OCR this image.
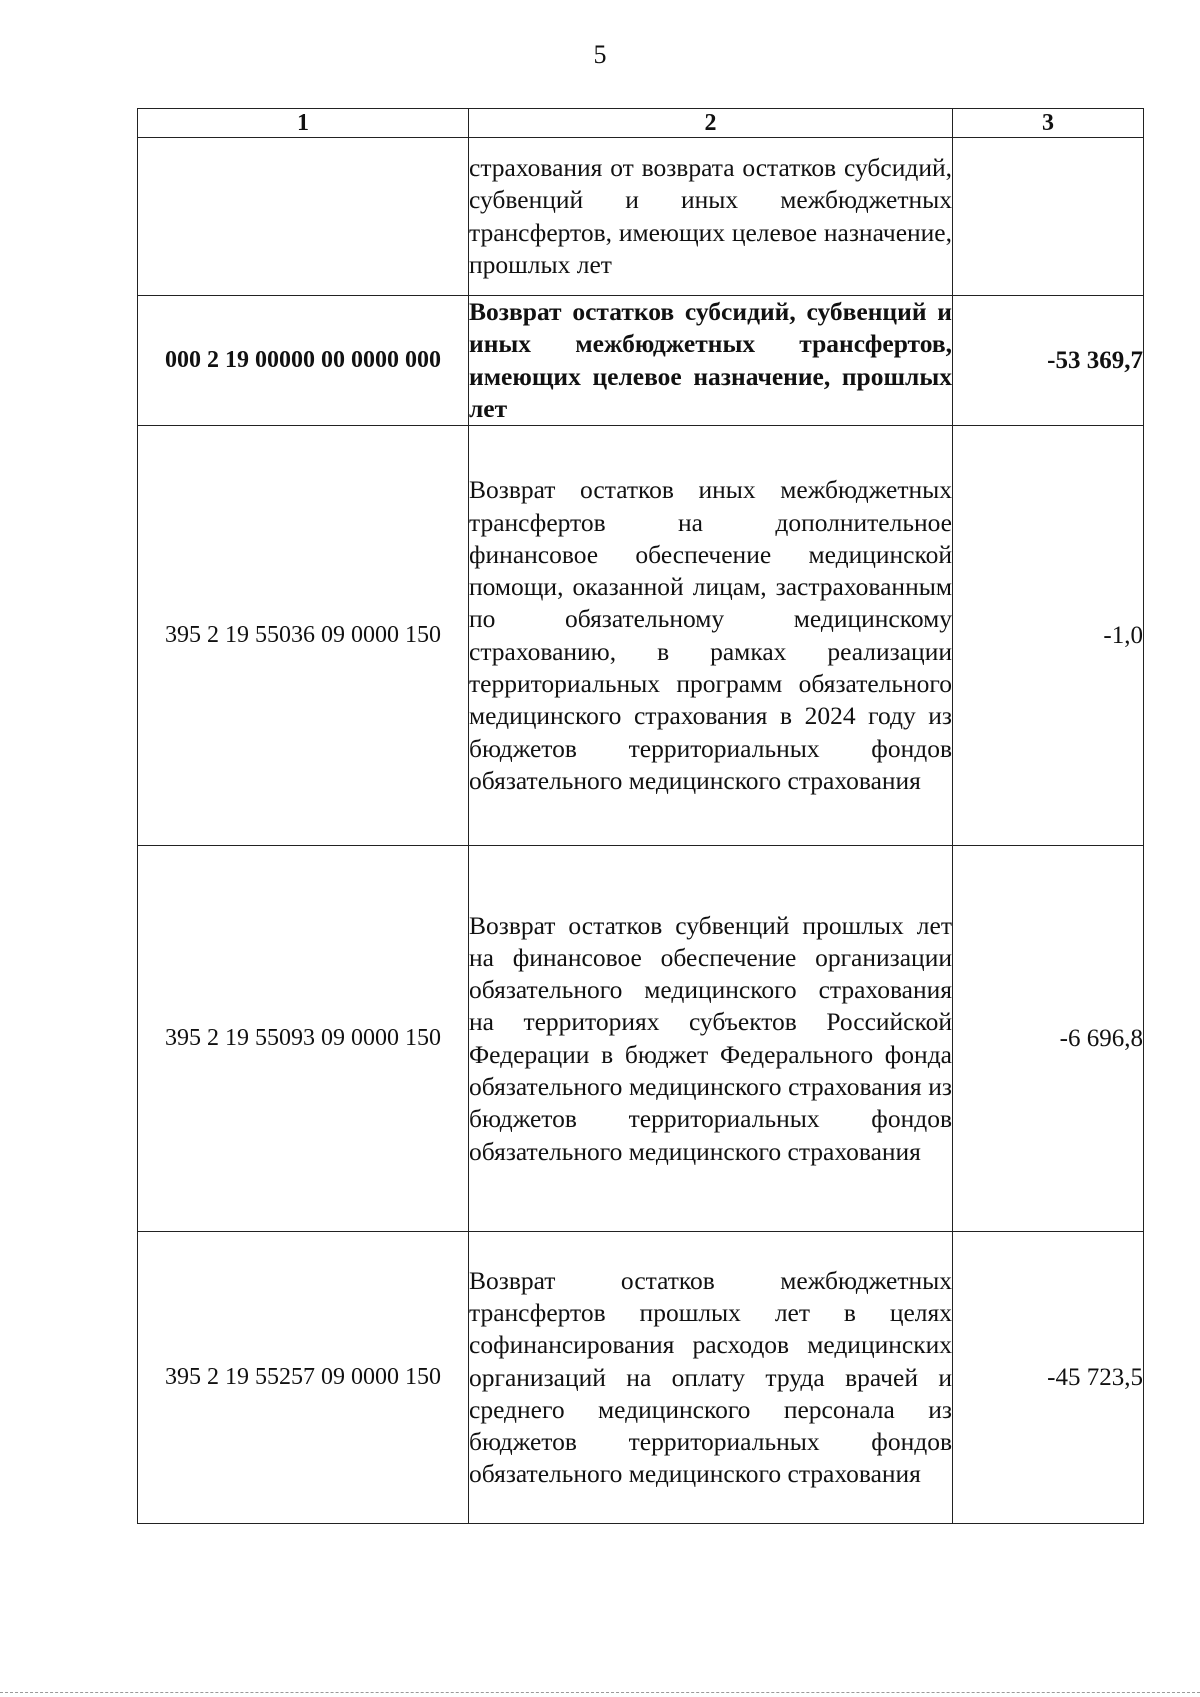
5
1	2	3
	страхования от возврата остатков субсидий, субвенций и иных межбюджетных трансфертов, имеющих целевое назначение, прошлых лет	
000 2 19 00000 00 0000 000	Возврат остатков субсидий, субвенций и иных межбюджетных трансфертов, имеющих целевое назначение, прошлых лет	-53 369,7
395 2 19 55036 09 0000 150	Возврат остатков иных межбюджетных трансфертов на дополнительное финансовое обеспечение медицинской помощи, оказанной лицам, застрахованным по обязательному медицинскому страхованию, в рамках реализации территориальных программ обязательного медицинского страхования в 2024 году из бюджетов территориальных фондов обязательного медицинского страхования	-1,0
395 2 19 55093 09 0000 150	Возврат остатков субвенций прошлых лет на финансовое обеспечение организации обязательного медицинского страхования на территориях субъектов Российской Федерации в бюджет Федерального фонда обязательного медицинского страхования из бюджетов территориальных фондов обязательного медицинского страхования	-6 696,8
395 2 19 55257 09 0000 150	Возврат остатков межбюджетных трансфертов прошлых лет в целях софинансирования расходов медицинских организаций на оплату труда врачей и среднего медицинского персонала из бюджетов территориальных фондов обязательного медицинского страхования	-45 723,5
